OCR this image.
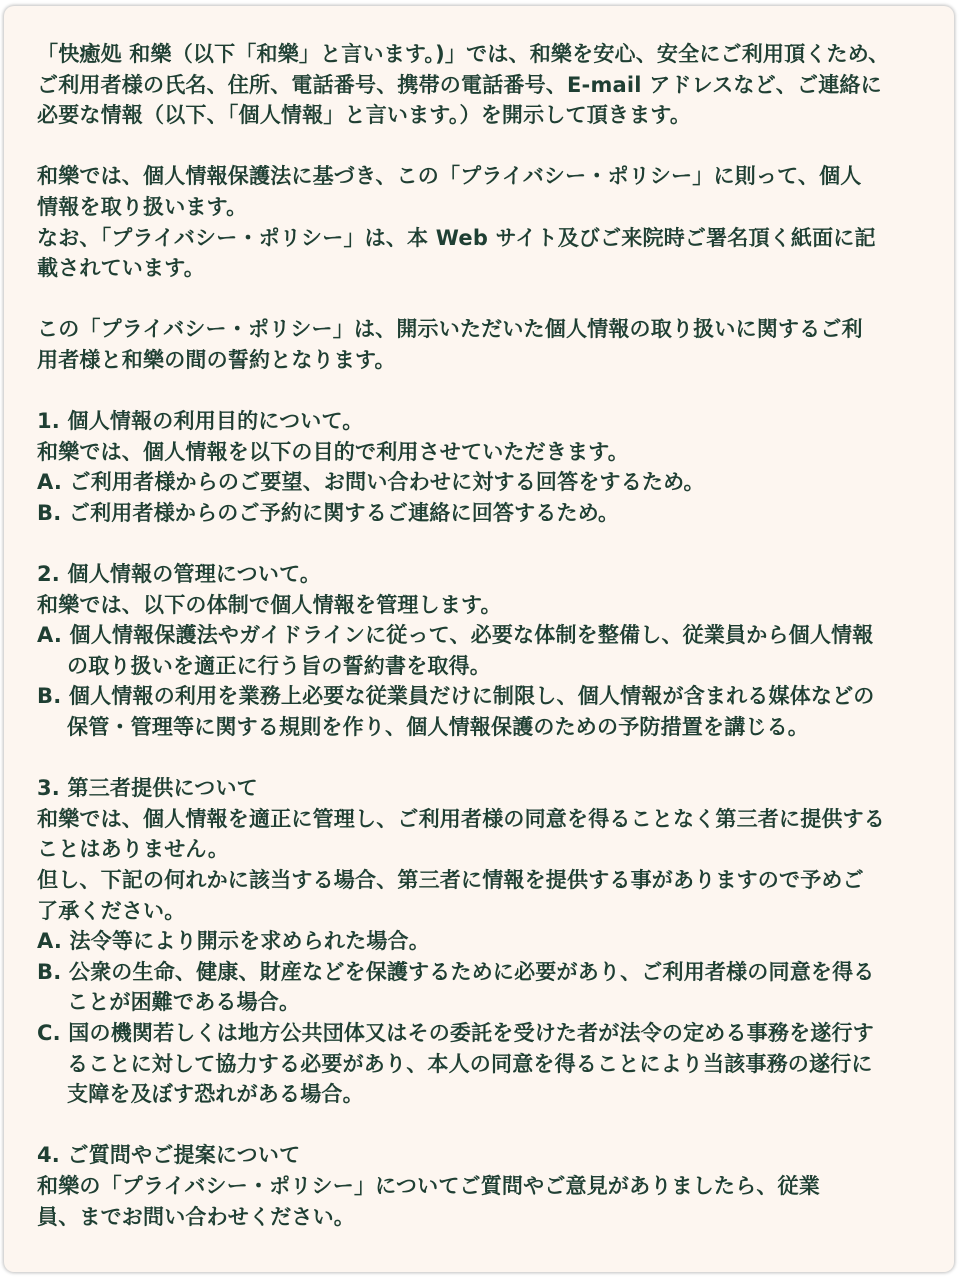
「快癒処 和樂（以下「和樂」と言います。)」では、和樂を安心、安全にご利用頂くため、
ご利用者様の氏名、住所、電話番号、携帯の電話番号、E-mail アドレスなど、ご連絡に
必要な情報（以下、「個人情報」と言います。）を開示して頂きます。
和樂では、個人情報保護法に基づき、この「プライバシー・ポリシー」に則って、個人
情報を取り扱います。
なお、「プライバシー・ポリシー」は、本 Web サイト及びご来院時ご署名頂く紙面に記
載されています。
この「プライバシー・ポリシー」は、開示いただいた個人情報の取り扱いに関するご利
用者様と和樂の間の誓約となります。
1. 個人情報の利用目的について。
和樂では、個人情報を以下の目的で利用させていただきます。
A. ご利用者様からのご要望、お問い合わせに対する回答をするため。
B. ご利用者様からのご予約に関するご連絡に回答するため。
2. 個人情報の管理について。
和樂では、以下の体制で個人情報を管理します。
A. 個人情報保護法やガイドラインに従って、必要な体制を整備し、従業員から個人情報
の取り扱いを適正に行う旨の誓約書を取得。
B. 個人情報の利用を業務上必要な従業員だけに制限し、個人情報が含まれる媒体などの
保管・管理等に関する規則を作り、個人情報保護のための予防措置を講じる。
3. 第三者提供について
和樂では、個人情報を適正に管理し、ご利用者様の同意を得ることなく第三者に提供する
ことはありません。
但し、下記の何れかに該当する場合、第三者に情報を提供する事がありますので予めご
了承ください。
A. 法令等により開示を求められた場合。
B. 公衆の生命、健康、財産などを保護するために必要があり、ご利用者様の同意を得る
ことが困難である場合。
C. 国の機関若しくは地方公共団体又はその委託を受けた者が法令の定める事務を遂行す
ることに対して協力する必要があり、本人の同意を得ることにより当該事務の遂行に
支障を及ぼす恐れがある場合。
4. ご質問やご提案について
和樂の「プライバシー・ポリシー」についてご質問やご意見がありましたら、従業
員、までお問い合わせください。
